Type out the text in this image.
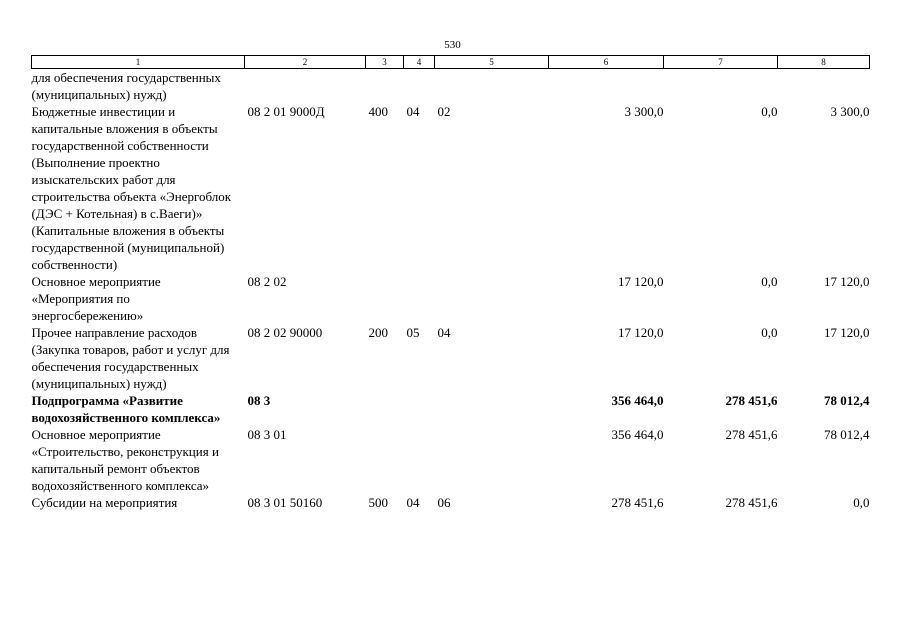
530
1	2	3	4	5	6	7	8
для обеспечения государственных (муниципальных) нужд)							
Бюджетные инвестиции и капитальные вложения в объекты государственной собственности (Выполнение проектно изыскательских работ для строительства объекта «Энергоблок (ДЭС + Котельная) в с.Ваеги)» (Капитальные вложения в объекты государственной (муниципальной) собственности)	08 2 01 9000Д	400	04	02	3 300,0	0,0	3 300,0
Основное мероприятие «Мероприятия по энергосбережению»	08 2 02				17 120,0	0,0	17 120,0
Прочее направление расходов (Закупка товаров, работ и услуг для обеспечения государственных (муниципальных) нужд)	08 2 02 90000	200	05	04	17 120,0	0,0	17 120,0
Подпрограмма «Развитие водохозяйственного комплекса»	08 3				356 464,0	278 451,6	78 012,4
Основное мероприятие «Строительство, реконструкция и капитальный ремонт объектов водохозяйственного комплекса»	08 3 01				356 464,0	278 451,6	78 012,4
Субсидии на мероприятия	08 3 01 50160	500	04	06	278 451,6	278 451,6	0,0
